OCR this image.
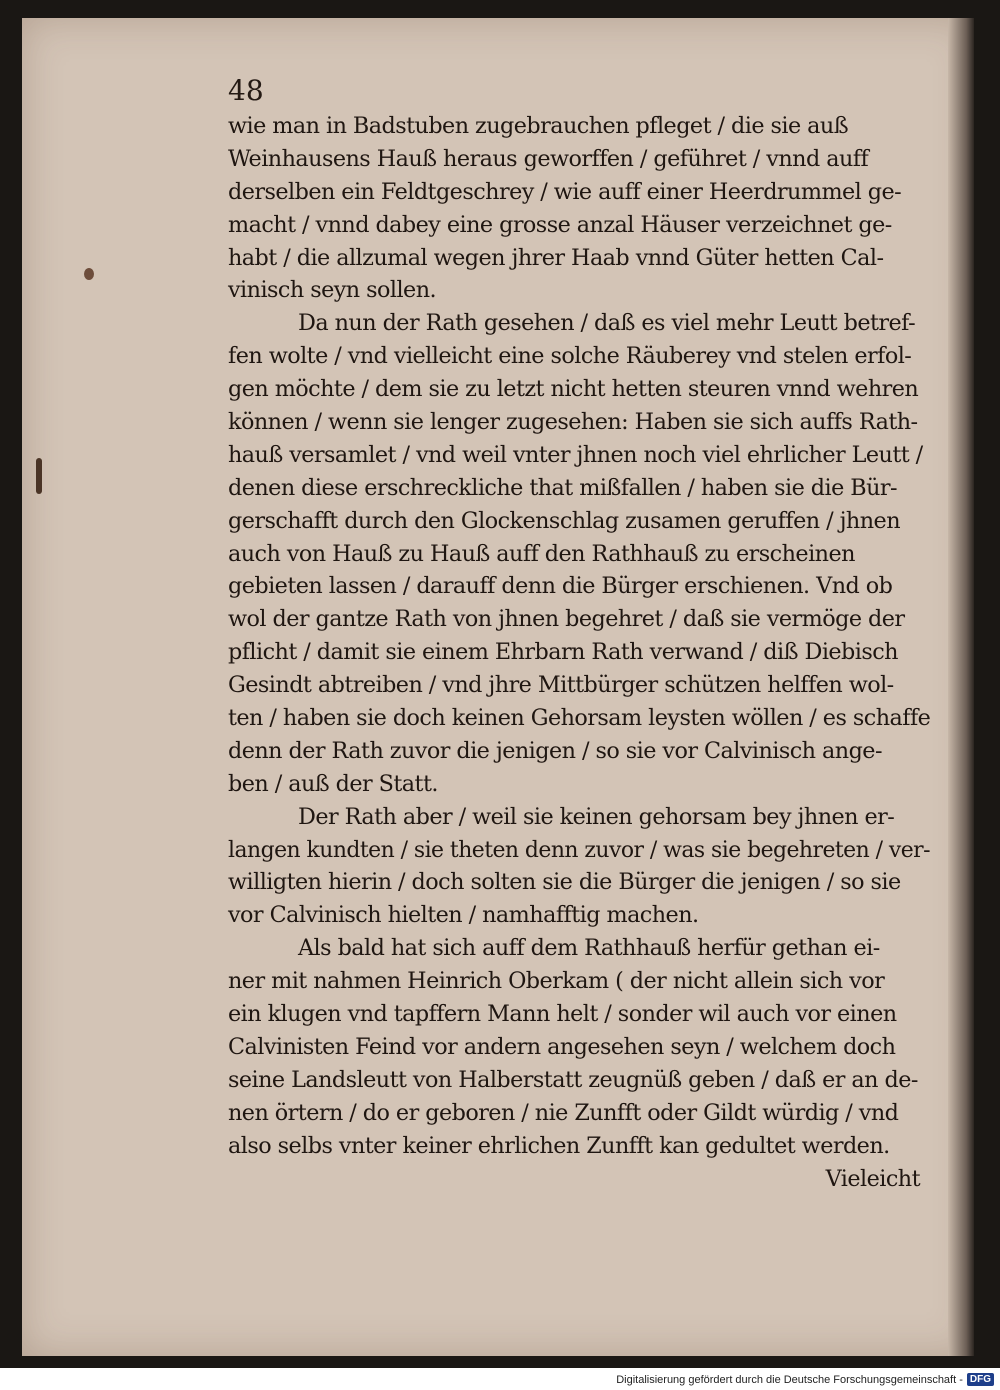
48
wie man in Badstuben zugebrauchen pfleget / die sie auß
Weinhausens Hauß heraus geworffen / geführet / vnnd auff
derselben ein Feldtgeschrey / wie auff einer Heerdrummel ge-
macht / vnnd dabey eine grosse anzal Häuser verzeichnet ge-
habt / die allzumal wegen jhrer Haab vnnd Güter hetten Cal-
vinisch seyn sollen.
Da nun der Rath gesehen / daß es viel mehr Leutt betref-
fen wolte / vnd vielleicht eine solche Räuberey vnd stelen erfol-
gen möchte / dem sie zu letzt nicht hetten steuren vnnd wehren
können / wenn sie lenger zugesehen: Haben sie sich auffs Rath-
hauß versamlet / vnd weil vnter jhnen noch viel ehrlicher Leutt /
denen diese erschreckliche that mißfallen / haben sie die Bür-
gerschafft durch den Glockenschlag zusamen geruffen / jhnen
auch von Hauß zu Hauß auff den Rathhauß zu erscheinen
gebieten lassen / darauff denn die Bürger erschienen. Vnd ob
wol der gantze Rath von jhnen begehret / daß sie vermöge der
pflicht / damit sie einem Ehrbarn Rath verwand / diß Diebisch
Gesindt abtreiben / vnd jhre Mittbürger schützen helffen wol-
ten / haben sie doch keinen Gehorsam leysten wöllen / es schaffe
denn der Rath zuvor die jenigen / so sie vor Calvinisch ange-
ben / auß der Statt.
Der Rath aber / weil sie keinen gehorsam bey jhnen er-
langen kundten / sie theten denn zuvor / was sie begehreten / ver-
willigten hierin / doch solten sie die Bürger die jenigen / so sie
vor Calvinisch hielten / namhafftig machen.
Als bald hat sich auff dem Rathhauß herfür gethan ei-
ner mit nahmen Heinrich Oberkam ( der nicht allein sich vor
ein klugen vnd tapffern Mann helt / sonder wil auch vor einen
Calvinisten Feind vor andern angesehen seyn / welchem doch
seine Landsleutt von Halberstatt zeugnüß geben / daß er an de-
nen örtern / do er geboren / nie Zunfft oder Gildt würdig / vnd
also selbs vnter keiner ehrlichen Zunfft kan gedultet werden.
Vieleicht
Digitalisierung gefördert durch die Deutsche Forschungsgemeinschaft - DFG
